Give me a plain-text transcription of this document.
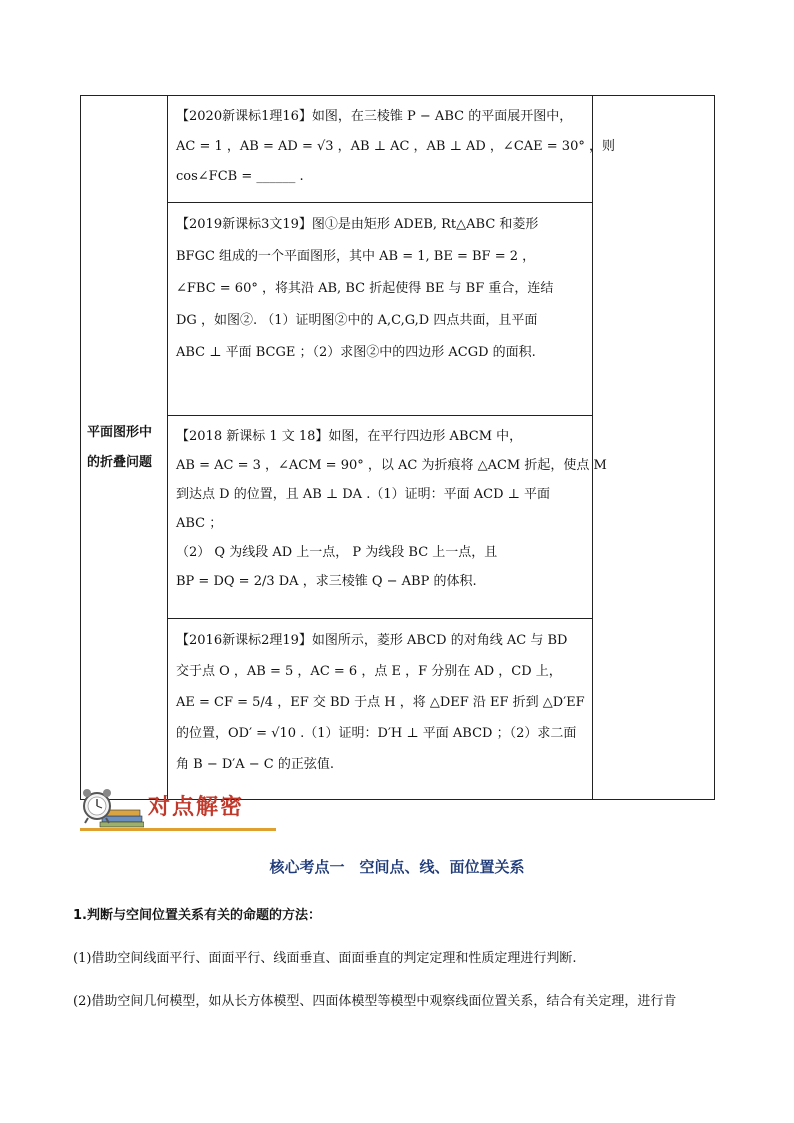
平面图形中
的折叠问题

【2020新课标1理16】如图，在三棱锥 P − ABC 的平面展开图中，
AC = 1 ，AB = AD = √3 ，AB ⊥ AC ，AB ⊥ AD ，∠CAE = 30° ，则
cos∠FCB = ______ .

【2019新课标3文19】图①是由矩形 ADEB, Rt△ABC 和菱形
BFGC 组成的一个平面图形，其中 AB = 1, BE = BF = 2 ，
∠FBC = 60° ，将其沿 AB, BC 折起使得 BE 与 BF 重合，连结
DG ，如图②. （1）证明图②中的 A,C,G,D 四点共面，且平面
ABC ⊥ 平面 BCGE ；（2）求图②中的四边形 ACGD 的面积.

【2018 新课标 1 文 18】如图，在平行四边形 ABCM 中，
AB = AC = 3 ，∠ACM = 90° ，以 AC 为折痕将 △ACM 折起，使点 M
到达点 D 的位置，且 AB ⊥ DA .（1）证明：平面 ACD ⊥ 平面
ABC ；
（2） Q 为线段 AD 上一点， P 为线段 BC 上一点，且
BP = DQ = 2/3 DA ，求三棱锥 Q − ABP 的体积.

【2016新课标2理19】如图所示，菱形 ABCD 的对角线 AC 与 BD
交于点 O ，AB = 5 ，AC = 6 ，点 E ，F 分别在 AD ，CD 上，
AE = CF = 5/4 ，EF 交 BD 于点 H ，将 △DEF 沿 EF 折到 △D′EF
的位置，OD′ = √10 .（1）证明：D′H ⊥ 平面 ABCD ；（2）求二面
角 B − D′A − C 的正弦值.
对点解密
核心考点一　空间点、线、面位置关系
1.判断与空间位置关系有关的命题的方法：
(1)借助空间线面平行、面面平行、线面垂直、面面垂直的判定定理和性质定理进行判断.
(2)借助空间几何模型，如从长方体模型、四面体模型等模型中观察线面位置关系，结合有关定理，进行肯
